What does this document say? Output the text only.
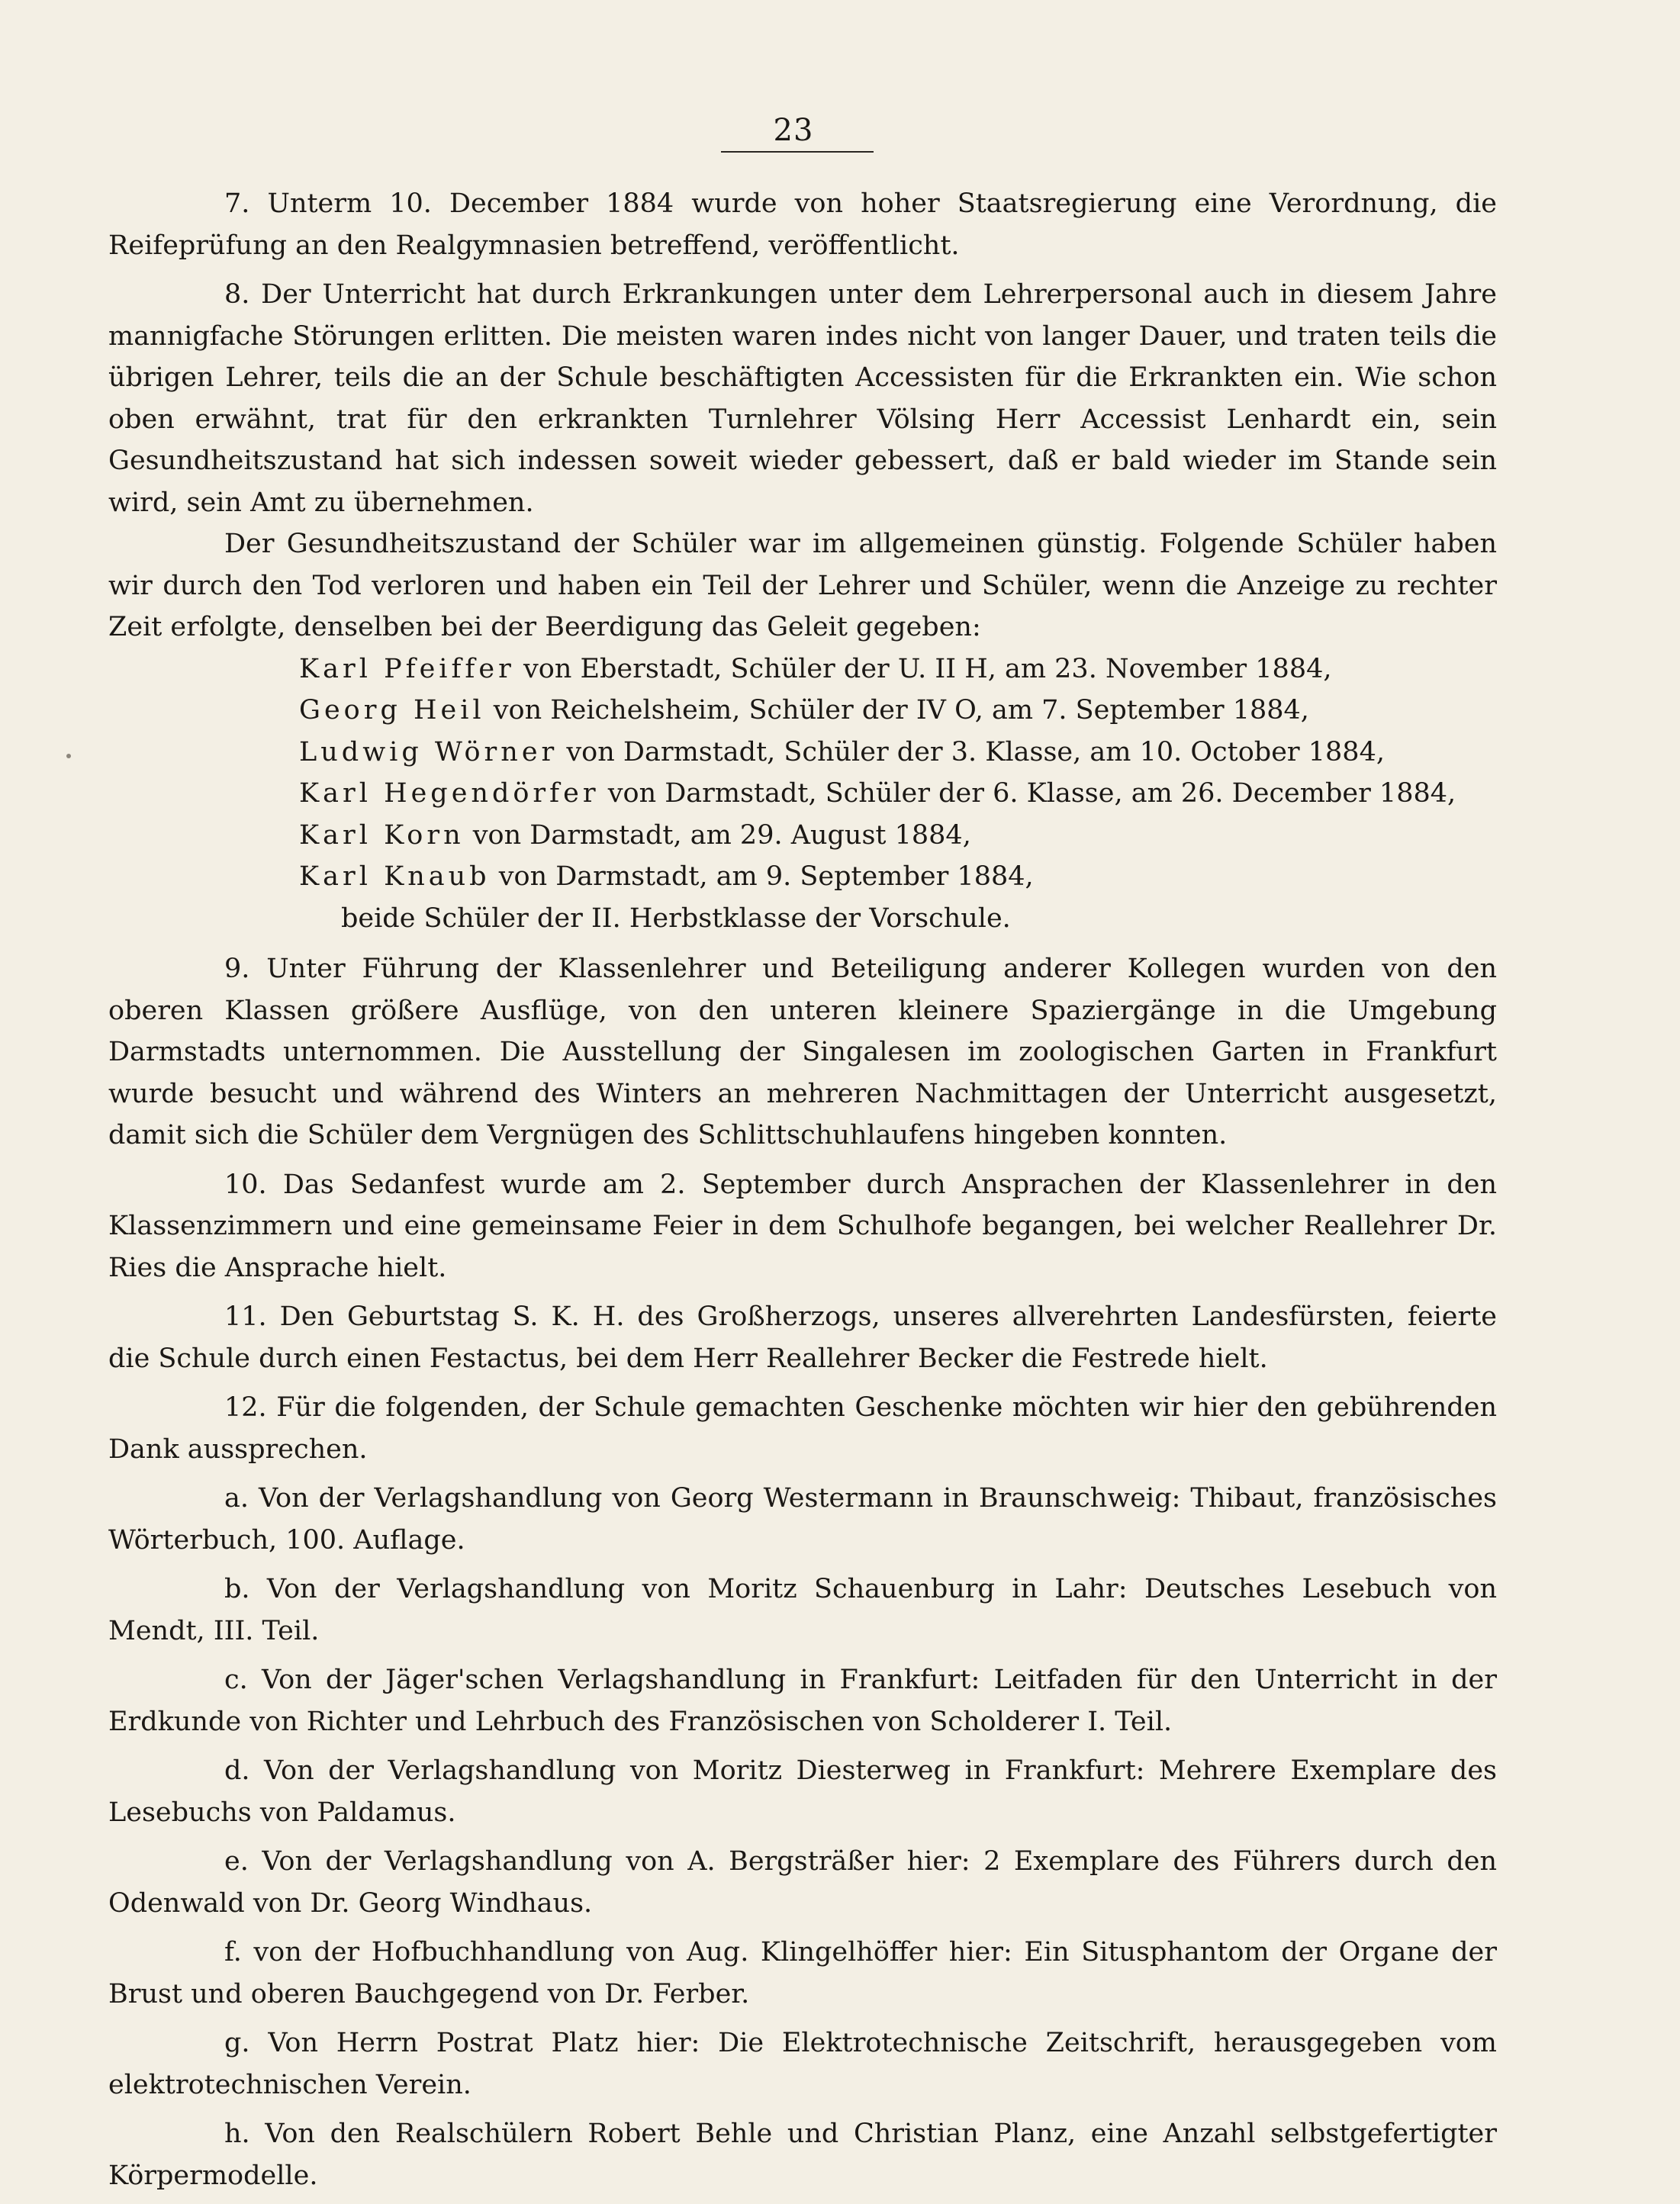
23

7. Unterm 10. December 1884 wurde von hoher Staatsregierung eine Verordnung, die Reifeprüfung an den Realgymnasien betreffend, veröffentlicht.

8. Der Unterricht hat durch Erkrankungen unter dem Lehrerpersonal auch in diesem Jahre mannigfache Störungen erlitten. Die meisten waren indes nicht von langer Dauer, und traten teils die übrigen Lehrer, teils die an der Schule beschäftigten Accessisten für die Erkrankten ein. Wie schon oben erwähnt, trat für den erkrankten Turnlehrer Völsing Herr Accessist Lenhardt ein, sein Gesundheitszustand hat sich indessen soweit wieder gebessert, daß er bald wieder im Stande sein wird, sein Amt zu übernehmen.

Der Gesundheitszustand der Schüler war im allgemeinen günstig. Folgende Schüler haben wir durch den Tod verloren und haben ein Teil der Lehrer und Schüler, wenn die Anzeige zu rechter Zeit erfolgte, denselben bei der Beerdigung das Geleit gegeben:

Karl Pfeiffer von Eberstadt, Schüler der U. II H, am 23. November 1884,
Georg Heil von Reichelsheim, Schüler der IV O, am 7. September 1884,
Ludwig Wörner von Darmstadt, Schüler der 3. Klasse, am 10. October 1884,
Karl Hegendörfer von Darmstadt, Schüler der 6. Klasse, am 26. December 1884,
Karl Korn von Darmstadt, am 29. August 1884,
Karl Knaub von Darmstadt, am 9. September 1884,
beide Schüler der II. Herbstklasse der Vorschule.

9. Unter Führung der Klassenlehrer und Beteiligung anderer Kollegen wurden von den oberen Klassen größere Ausflüge, von den unteren kleinere Spaziergänge in die Umgebung Darmstadts unternommen. Die Ausstellung der Singalesen im zoologischen Garten in Frankfurt wurde besucht und während des Winters an mehreren Nachmittagen der Unterricht ausgesetzt, damit sich die Schüler dem Vergnügen des Schlittschuhlaufens hingeben konnten.

10. Das Sedanfest wurde am 2. September durch Ansprachen der Klassenlehrer in den Klassenzimmern und eine gemeinsame Feier in dem Schulhofe begangen, bei welcher Reallehrer Dr. Ries die Ansprache hielt.

11. Den Geburtstag S. K. H. des Großherzogs, unseres allverehrten Landesfürsten, feierte die Schule durch einen Festactus, bei dem Herr Reallehrer Becker die Festrede hielt.

12. Für die folgenden, der Schule gemachten Geschenke möchten wir hier den gebührenden Dank aussprechen.

a. Von der Verlagshandlung von Georg Westermann in Braunschweig: Thibaut, französisches Wörterbuch, 100. Auflage.

b. Von der Verlagshandlung von Moritz Schauenburg in Lahr: Deutsches Lesebuch von Mendt, III. Teil.

c. Von der Jäger'schen Verlagshandlung in Frankfurt: Leitfaden für den Unterricht in der Erdkunde von Richter und Lehrbuch des Französischen von Scholderer I. Teil.

d. Von der Verlagshandlung von Moritz Diesterweg in Frankfurt: Mehrere Exemplare des Lesebuchs von Paldamus.

e. Von der Verlagshandlung von A. Bergsträßer hier: 2 Exemplare des Führers durch den Odenwald von Dr. Georg Windhaus.

f. von der Hofbuchhandlung von Aug. Klingelhöffer hier: Ein Situsphantom der Organe der Brust und oberen Bauchgegend von Dr. Ferber.

g. Von Herrn Postrat Platz hier: Die Elektrotechnische Zeitschrift, herausgegeben vom elektrotechnischen Verein.

h. Von den Realschülern Robert Behle und Christian Planz, eine Anzahl selbstgefertigter Körpermodelle.
